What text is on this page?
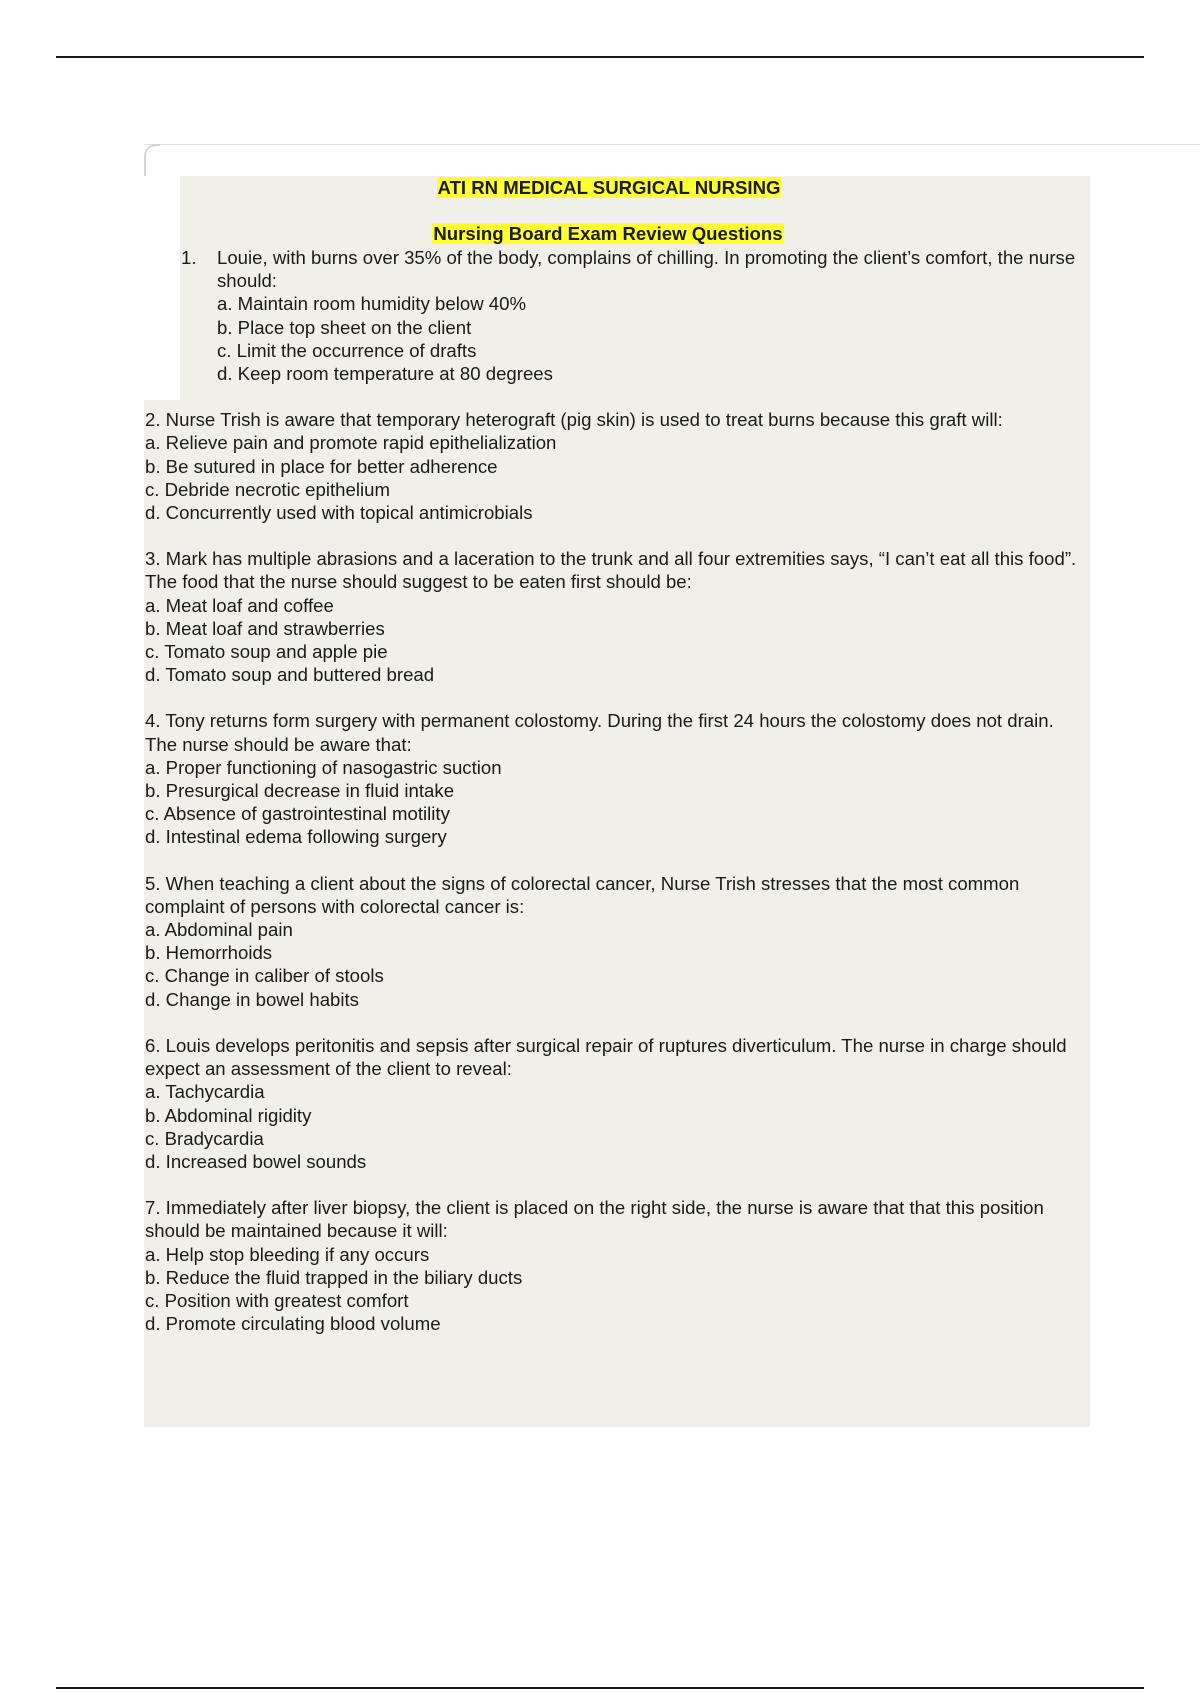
ATI RN MEDICAL SURGICAL NURSING

Nursing Board Exam Review Questions

1. Louie, with burns over 35% of the body, complains of chilling. In promoting the client’s comfort, the nurse should:

a. Maintain room humidity below 40%

b. Place top sheet on the client

c. Limit the occurrence of drafts

d. Keep room temperature at 80 degrees

2. Nurse Trish is aware that temporary heterograft (pig skin) is used to treat burns because this graft will:

a. Relieve pain and promote rapid epithelialization

b. Be sutured in place for better adherence

c. Debride necrotic epithelium

d. Concurrently used with topical antimicrobials

3. Mark has multiple abrasions and a laceration to the trunk and all four extremities says, “I can’t eat all this food”. The food that the nurse should suggest to be eaten first should be:

a. Meat loaf and coffee

b. Meat loaf and strawberries

c. Tomato soup and apple pie

d. Tomato soup and buttered bread

4. Tony returns form surgery with permanent colostomy. During the first 24 hours the colostomy does not drain. The nurse should be aware that:

a. Proper functioning of nasogastric suction

b. Presurgical decrease in fluid intake

c. Absence of gastrointestinal motility

d. Intestinal edema following surgery

5. When teaching a client about the signs of colorectal cancer, Nurse Trish stresses that the most common complaint of persons with colorectal cancer is:

a. Abdominal pain

b. Hemorrhoids

c. Change in caliber of stools

d. Change in bowel habits

6. Louis develops peritonitis and sepsis after surgical repair of ruptures diverticulum. The nurse in charge should expect an assessment of the client to reveal:

a. Tachycardia

b. Abdominal rigidity

c. Bradycardia

d. Increased bowel sounds

7. Immediately after liver biopsy, the client is placed on the right side, the nurse is aware that that this position should be maintained because it will:

a. Help stop bleeding if any occurs

b. Reduce the fluid trapped in the biliary ducts

c. Position with greatest comfort

d. Promote circulating blood volume
